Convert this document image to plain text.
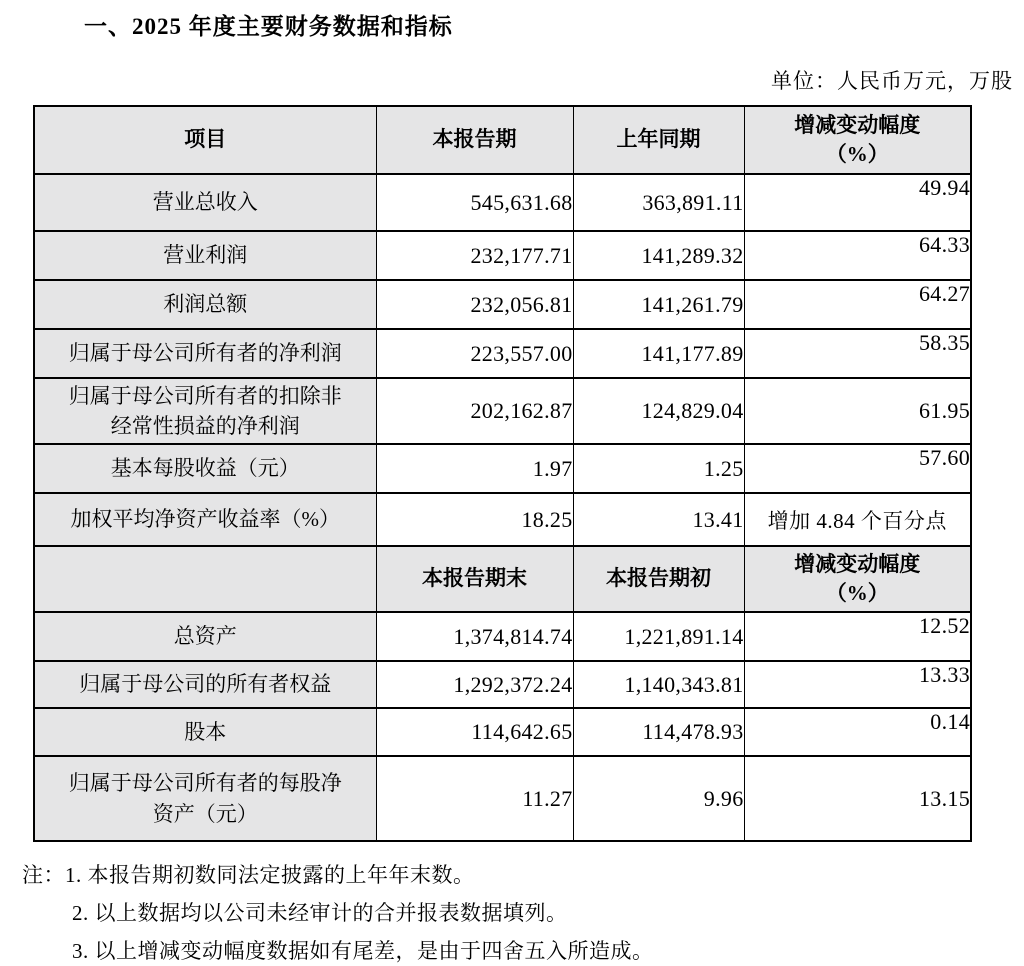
一、2025 年度主要财务数据和指标
单位：人民币万元，万股
项目	本报告期	上年同期	增减变动幅度
（%）
营业总收入	545,631.68	363,891.11	49.94
营业利润	232,177.71	141,289.32	64.33
利润总额	232,056.81	141,261.79	64.27
归属于母公司所有者的净利润	223,557.00	141,177.89	58.35
归属于母公司所有者的扣除非经常性损益的净利润	202,162.87	124,829.04	61.95
基本每股收益（元）	1.97	1.25	57.60
加权平均净资产收益率（%）	18.25	13.41	增加 4.84 个百分点
	本报告期末	本报告期初	增减变动幅度
（%）
总资产	1,374,814.74	1,221,891.14	12.52
归属于母公司的所有者权益	1,292,372.24	1,140,343.81	13.33
股本	114,642.65	114,478.93	0.14
归属于母公司所有者的每股净资产（元）	11.27	9.96	13.15
注：1. 本报告期初数同法定披露的上年年末数。
2. 以上数据均以公司未经审计的合并报表数据填列。
3. 以上增减变动幅度数据如有尾差，是由于四舍五入所造成。
